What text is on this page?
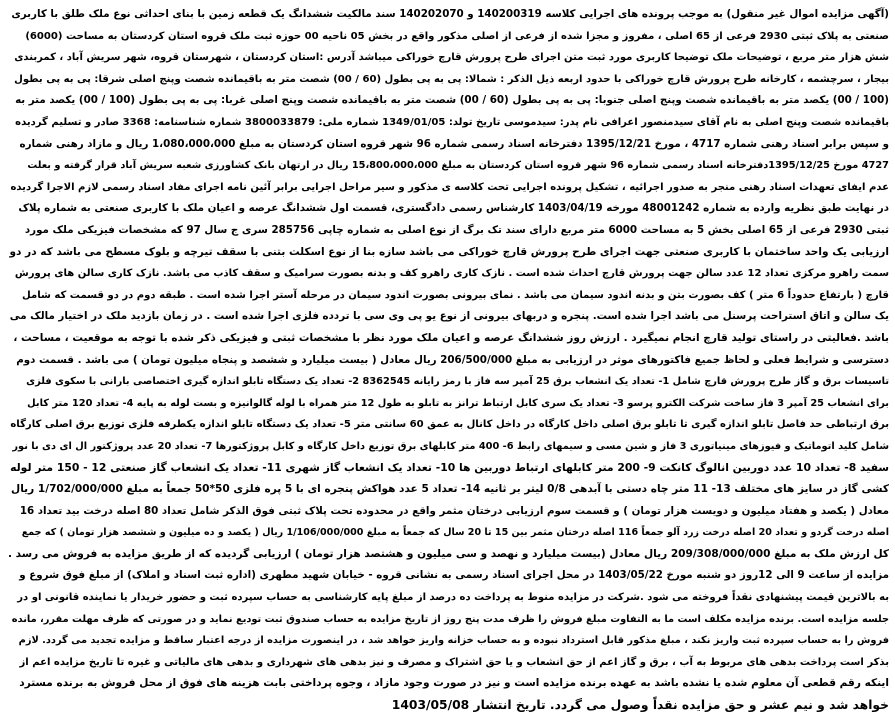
(آگهی مزایده اموال غیر منقول) به موجب پرونده های اجرایی کلاسه 140200319 و 140202070 سند مالکیت ششدانگ یک قطعه زمین با بنای احداثی نوع ملک طلق با کاربری
صنعتی به پلاک ثبتی 2930 فرعی از 65 اصلی ، مفروز و مجزا شده از فرعی از اصلی مذکور واقع در بخش 05 ناحیه 00 حوزه ثبت ملک قروه استان کردستان به مساحت (6000)
شش هزار متر مربع ، توضیحات ملک توضیحا کاربری مورد ثبت متن اجرای طرح پرورش قارچ خوراکی میباشد آدرس :استان کردستان ، شهرستان قروه، شهر سریش آباد ، کمربندی
بیجار ، سرچشمه ، کارخانه طرح پرورش قارچ خوراکی با حدود اربعه ذیل الذکر : شمالا: پی به پی بطول (60 / 00) شصت متر به باقیمانده شصت وپنج اصلی شرقا: پی به پی بطول
(100 / 00) یکصد متر به باقیمانده شصت وپنج اصلی جنوبا: پی به پی بطول (60 / 00) شصت متر به باقیمانده شصت وپنج اصلی غربا: پی به پی بطول (100 / 00) یکصد متر به
باقیمانده شصت وپنج اصلی به نام آقای سیدمنصور اعرافی نام پدر: سیدموسی تاریخ تولد: 1349/01/05 شماره ملی: 3800033879 شماره شناسنامه: 3368 صادر و تسلیم گردیده
و سپس برابر اسناد رهنی شماره 4717 ، مورخ 1395/12/21 دفترخانه اسناد رسمی شماره 96 شهر قروه استان کردستان به مبلغ 1،080،000،000 ریال و مازاد رهنی شماره
4727 مورخ 1395/12/25دفترخانه اسناد رسمی شماره 96 شهر قروه استان کردستان به مبلغ 15،800،000،000 ریال در ارتهان بانک کشاورزی شعبه سریش آباد قرار گرفته و بعلت
عدم ایفای تعهدات اسناد رهنی منجر به صدور اجرائیه ، تشکیل پرونده اجرایی تحت کلاسه ی مذکور و سیر مراحل اجرایی برابر آئین نامه اجرای مفاد اسناد رسمی لازم الاجرا گردیده
در نهایت طبق نظریه وارده به شماره 48001242 مورخه 1403/04/19 کارشناس رسمی دادگستری، قسمت اول ششدانگ عرصه و اعیان ملک با کاربری صنعتی به شماره پلاک
ثبتی 2930 فرعی از 65 اصلی بخش 5 به مساحت 6000 متر مربع دارای سند تک برگ از نوع اصلی به شماره چاپی 285756 سری ج سال 97 که مشخصات فیزیکی ملک مورد
ارزیابی یک واحد ساختمان با کاربری صنعتی جهت اجرای طرح پرورش قارچ خوراکی می باشد سازه بنا از نوع اسکلت بتنی با سقف تیرچه و بلوک مسطح می باشد که در دو
سمت راهرو مرکزی تعداد 12 عدد سالن جهت پرورش قارچ احداث شده است . نازک کاری راهرو کف و بدنه بصورت سرامیک و سقف کاذب می باشد. نازک کاری سالن های پرورش
قارچ ( بارتفاع حدوداً 6 متر ) کف بصورت بتن و بدنه اندود سیمان می باشد . نمای بیرونی بصورت اندود سیمان در مرحله آستر اجرا شده است . طبقه دوم در دو قسمت که شامل
یک سالن و اتاق استراحت پرسنل می باشد اجرا شده است. پنجره و دربهای بیرونی از نوع یو پی وی سی با تردده فلزی اجرا شده است . در زمان بازدید ملک در اختیار مالک می
باشد .فعالیتی در راستای تولید قارچ انجام نمیگیرد . ارزش روز ششدانگ عرصه و اعیان ملک مورد نظر با مشخصات ثبتی و فیزیکی ذکر شده با توجه به موقعیت ، مساحت ،
دسترسی و شرایط فعلی و لحاظ جمیع فاکتورهای موثر در ارزیابی به مبلغ 206/500/000 ریال معادل ( بیست میلیارد و ششصد و پنجاه میلیون تومان ) می باشد . قسمت دوم
تاسیسات برق و گاز طرح پرورش قارچ شامل 1- تعداد یک انشعاب برق 25 آمپر سه فاز با رمز رایانه 8362545 2- تعداد یک دستگاه تابلو اندازه گیری اختصاصی بارانی با سکوی فلزی
برای انشعاب 25 آمپر 3 فاز ساخت شرکت الکترو پرسو 3- تعداد یک سری کابل ارتباط ترانز به تابلو به طول 12 متر همراه با لوله گالوانیزه و بست لوله به پایه 4- تعداد 120 متر کابل
برق ارتباطی حد فاصل تابلو اندازه گیری تا تابلو برق اصلی داخل کارگاه در داخل کانال به عمق 60 سانتی متر 5- تعداد یک دستگاه تابلو اندازه یکطرفه فلزی توزیع برق اصلی کارگاه
شامل کلید اتوماتیک و فیوزهای مینیاتوری 3 فاز و شین مسی و سیمهای رابط 6- 400 متر کابلهای برق توزیع داخل کارگاه و کابل پروژکتورها 7- تعداد 20 عدد پروژکتور ال ای دی با نور
سفید 8- تعداد 10 عدد دوربین انالوگ کانکت 9- 200 متر کابلهای ارتباط دوربین ها 10- تعداد یک انشعاب گاز شهری 11- تعداد یک انشعاب گاز صنعتی 12 - 150 متر لوله
کشی گاز در سایز های مختلف 13- 11 متر چاه دستی با آبدهی 0/8 لیتر بر ثانیه 14- تعداد 5 عدد هواکش پنجره ای با 5 پره فلزی 50*50 جمعاً به مبلغ 1/702/000/000 ریال
معادل ( یکصد و هفتاد میلیون و دویست هزار تومان ) و قسمت سوم ارزیابی درختان مثمر واقع در محدوده تحت پلاک ثبتی فوق الذکر شامل تعداد 80 اصله درخت بید تعداد 16
اصله درخت گردو و تعداد 20 اصله درخت زرد آلو جمعاً 116 اصله درختان مثمر بین 15 تا 20 سال که جمعاً به مبلغ 1/106/000/000 ریال ( یکصد و ده میلیون و ششصد هزار تومان ) که جمع
کل ارزش ملک به مبلغ 209/308/000/000 ریال معادل (بیست میلیارد و نهصد و سی میلیون و هشتصد هزار تومان ) ارزیابی گردیده که از طریق مزایده به فروش می رسد .
مزایده از ساعت 9 الی 12روز دو شنبه مورخ 1403/05/22 در محل اجرای اسناد رسمی به نشانی قروه - خیابان شهید مطهری (اداره ثبت اسناد و املاک) از مبلغ فوق شروع و
به بالاترین قیمت پیشنهادی نقداً فروخته می شود .شرکت در مزایده منوط به پرداخت ده درصد از مبلغ پایه کارشناسی به حساب سپرده ثبت و حضور خریدار یا نماینده قانونی او در
جلسه مزایده است. برنده مزایده مکلف است ما به التفاوت مبلغ فروش را ظرف مدت پنج روز از تاریخ مزایده به حساب صندوق ثبت تودیع نماید و در صورتی که ظرف مهلت مقرر، مانده
فروش را به حساب سپرده ثبت واریز نکند ، مبلغ مذکور قابل استرداد نبوده و به حساب خزانه واریز خواهد شد ، در اینصورت مزایده از درجه اعتبار ساقط و مزایده تجدید می گردد. لازم
بذکر است پرداخت بدهی های مربوط به آب ، برق و گاز اعم از حق انشعاب و یا حق اشتراک و مصرف و نیز بدهی های شهرداری و بدهی های مالیاتی و غیره تا تاریخ مزایده اعم از
اینکه رقم قطعی آن معلوم شده یا نشده باشد به عهده برنده مزایده است و نیز در صورت وجود مازاد ، وجوه پرداختی بابت هزینه های فوق از محل فروش به برنده مسترد
خواهد شد و نیم عشر و حق مزایده نقداً وصول می گردد. تاریخ انتشار 1403/05/08
